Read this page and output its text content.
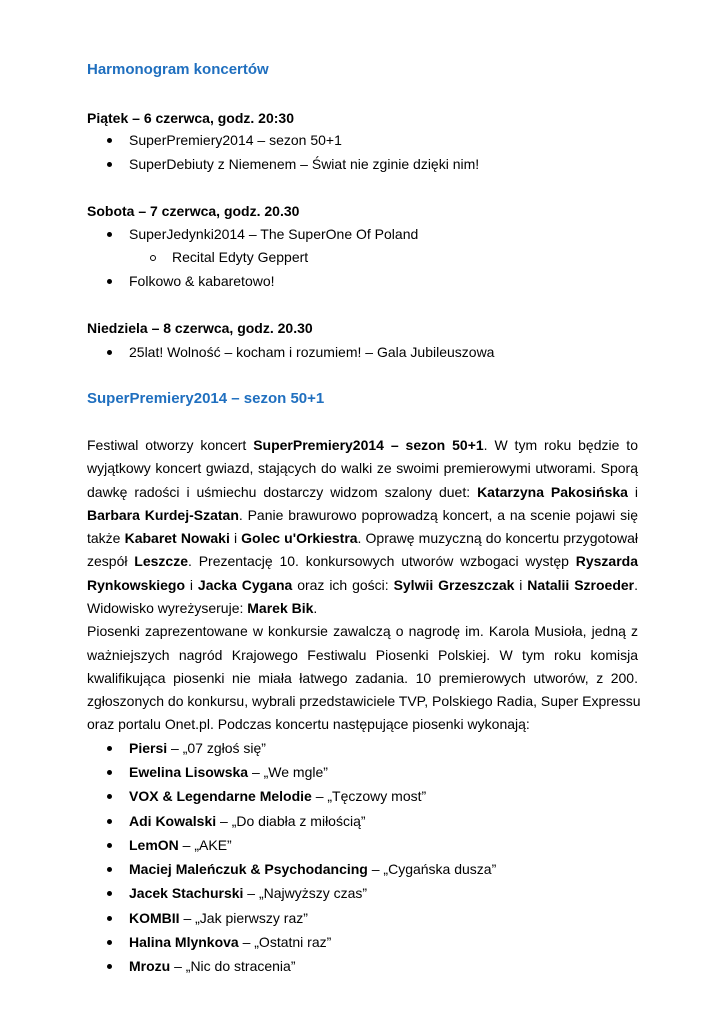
Harmonogram koncertów
Piątek – 6 czerwca, godz. 20:30
SuperPremiery2014 – sezon 50+1
SuperDebiuty z Niemenem – Świat nie zginie dzięki nim!
Sobota – 7 czerwca, godz. 20.30
SuperJedynki2014 – The SuperOne Of Poland
Recital Edyty Geppert
Folkowo & kabaretowo!
Niedziela – 8 czerwca, godz. 20.30
25lat! Wolność – kocham i rozumiem! – Gala Jubileuszowa
SuperPremiery2014 – sezon 50+1
Festiwal otworzy koncert SuperPremiery2014 – sezon 50+1. W tym roku będzie to
wyjątkowy koncert gwiazd, stających do walki ze swoimi premierowymi utworami. Sporą
dawkę radości i uśmiechu dostarczy widzom szalony duet: Katarzyna Pakosińska i
Barbara Kurdej-Szatan. Panie brawurowo poprowadzą koncert, a na scenie pojawi się
także Kabaret Nowaki i Golec u'Orkiestra. Oprawę muzyczną do koncertu przygotował
zespół Leszcze. Prezentację 10. konkursowych utworów wzbogaci występ Ryszarda
Rynkowskiego i Jacka Cygana oraz ich gości: Sylwii Grzeszczak i Natalii Szroeder.
Widowisko wyreżyseruje: Marek Bik.
Piosenki zaprezentowane w konkursie zawalczą o nagrodę im. Karola Musioła, jedną z
ważniejszych nagród Krajowego Festiwalu Piosenki Polskiej. W tym roku komisja
kwalifikująca piosenki nie miała łatwego zadania. 10 premierowych utworów, z 200.
zgłoszonych do konkursu, wybrali przedstawiciele TVP, Polskiego Radia, Super Expressu
oraz portalu Onet.pl. Podczas koncertu następujące piosenki wykonają:
Piersi – „07 zgłoś się”
Ewelina Lisowska – „We mgle”
VOX & Legendarne Melodie – „Tęczowy most”
Adi Kowalski – „Do diabła z miłością”
LemON – „AKE”
Maciej Maleńczuk & Psychodancing – „Cygańska dusza”
Jacek Stachurski – „Najwyższy czas”
KOMBII – „Jak pierwszy raz”
Halina Mlynkova – „Ostatni raz”
Mrozu – „Nic do stracenia”
